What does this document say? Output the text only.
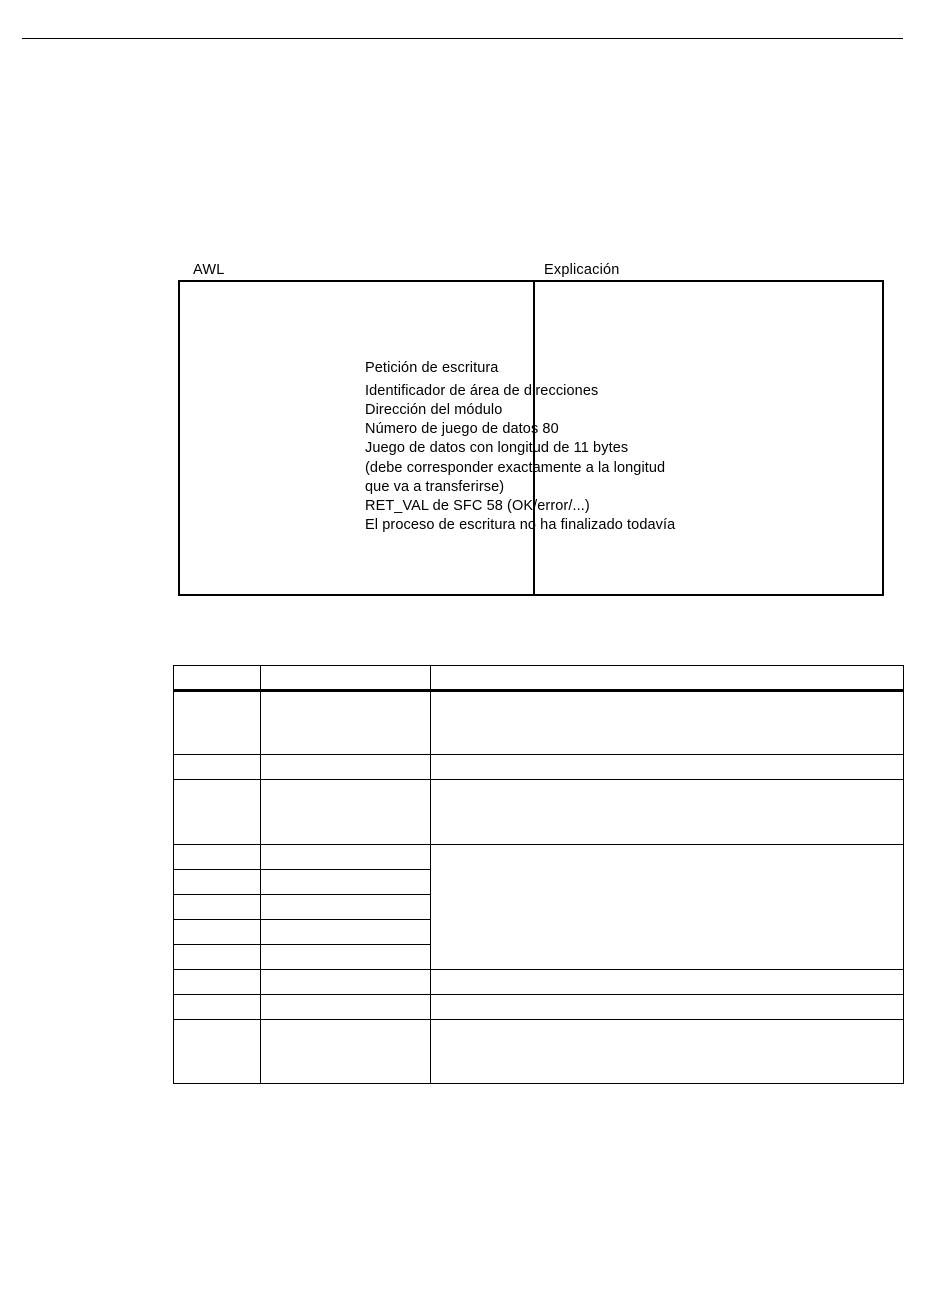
AWL	Explicación
Petición de escritura
Identificador de área de direcciones
Dirección del módulo
Número de juego de datos 80
Juego de datos con longitud de 11 bytes
(debe corresponder exactamente a la longitud
que va a transferirse)
RET_VAL de SFC 58 (OK/error/...)
El proceso de escritura no ha finalizado todavía
